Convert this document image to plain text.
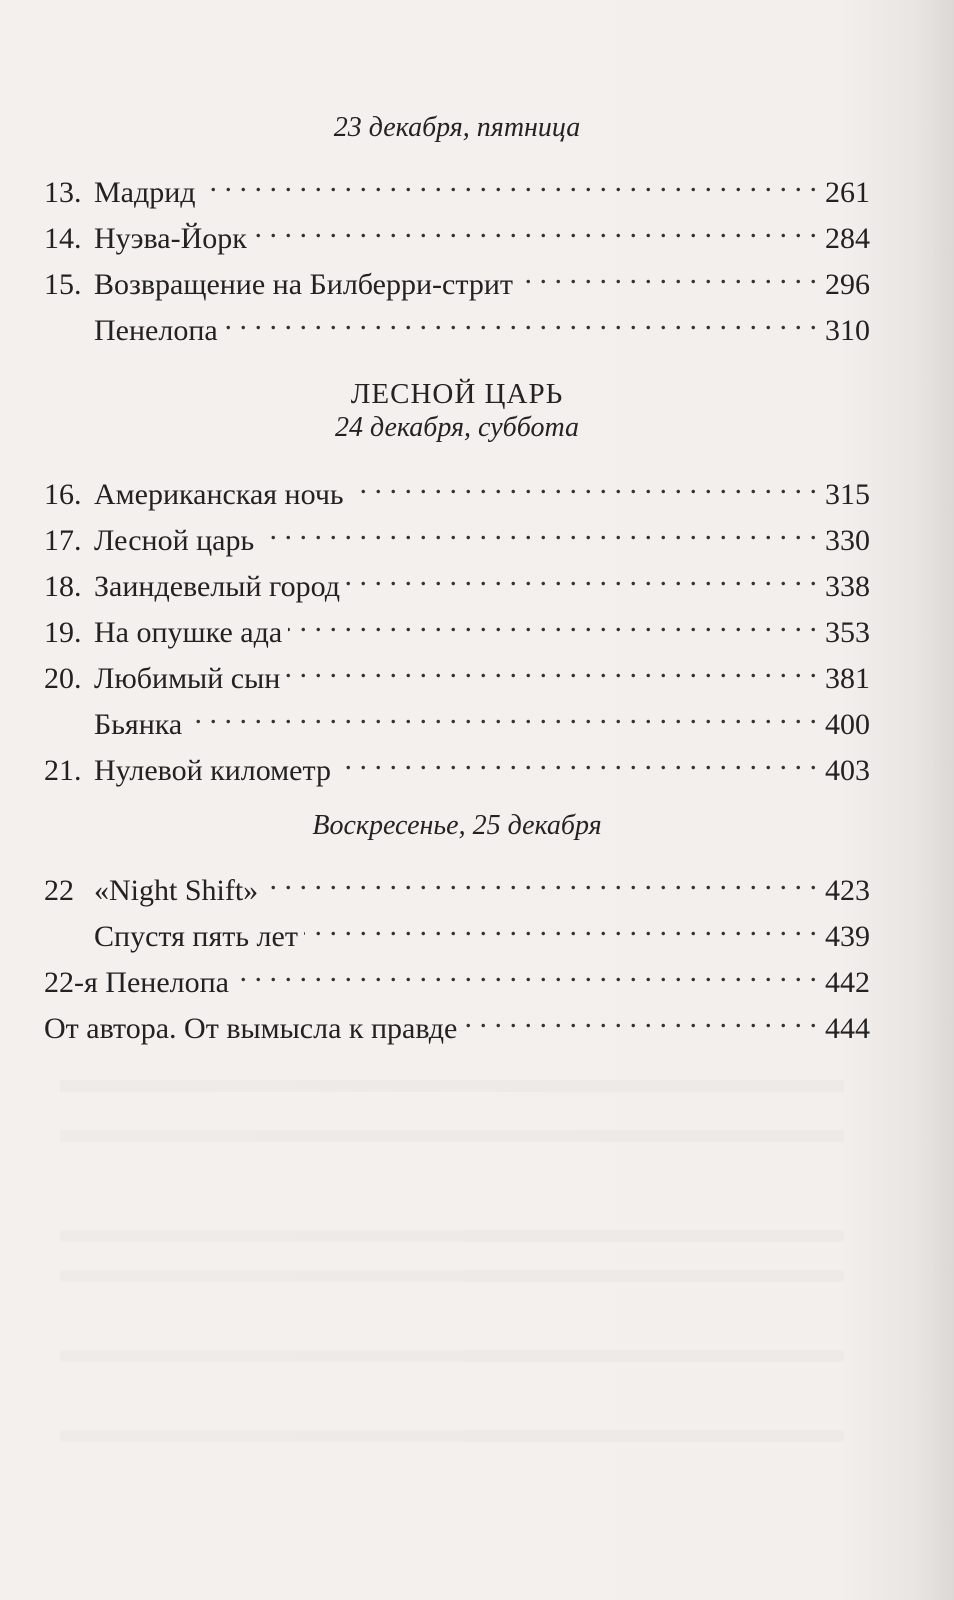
23 декабря, пятница
13. Мадрид . . .	261
14. Нуэва-Йорк . . .	284
15. Возвращение на Билберри-стрит . . .	296
Пенелопа . . .	310
ЛЕСНОЙ ЦАРЬ
24 декабря, суббота
16. Американская ночь . . .	315
17. Лесной царь . . .	330
18. Заиндевелый город . . .	338
19. На опушке ада . . .	353
20. Любимый сын . . .	381
Бьянка . . .	400
21. Нулевой километр . . .	403
Воскресенье, 25 декабря
22 «Night Shift» . . .	423
Спустя пять лет . . .	439
22-я Пенелопа . . .	442
От автора. От вымысла к правде . . .	444
